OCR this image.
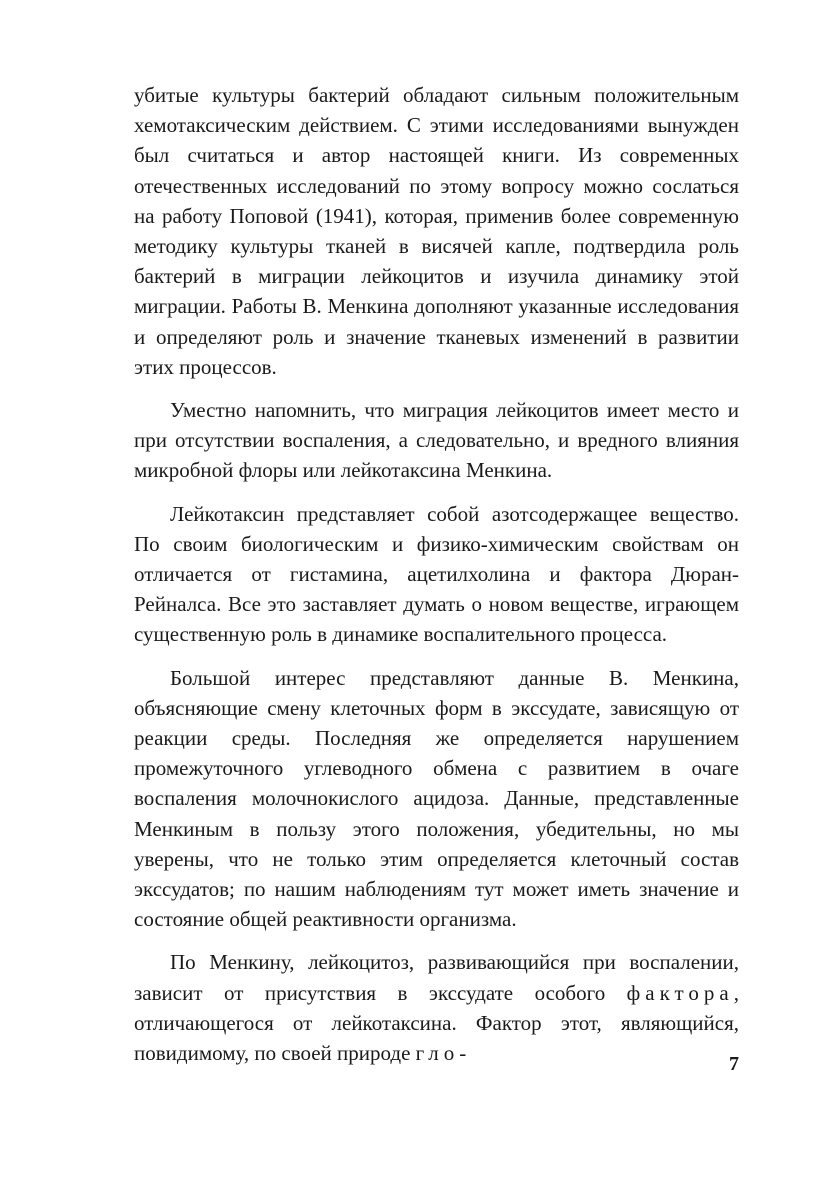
убитые культуры бактерий обладают сильным положительным хемотаксическим действием. С этими исследованиями вынужден был считаться и автор настоящей книги. Из современных отечественных исследований по этому вопросу можно сослаться на работу Поповой (1941), которая, применив более современную методику культуры тканей в висячей капле, подтвердила роль бактерий в миграции лейкоцитов и изучила динамику этой миграции. Работы В. Менкина дополняют указанные исследования и определяют роль и значение тканевых изменений в развитии этих процессов.

Уместно напомнить, что миграция лейкоцитов имеет место и при отсутствии воспаления, а следовательно, и вредного влияния микробной флоры или лейкотаксина Менкина.

Лейкотаксин представляет собой азотсодержащее вещество. По своим биологическим и физико-химическим свойствам он отличается от гистамина, ацетилхолина и фактора Дюран-Рейналса. Все это заставляет думать о новом веществе, играющем существенную роль в динамике воспалительного процесса.

Большой интерес представляют данные В. Менкина, объясняющие смену клеточных форм в экссудате, зависящую от реакции среды. Последняя же определяется нарушением промежуточного углеводного обмена с развитием в очаге воспаления молочнокислого ацидоза. Данные, представленные Менкиным в пользу этого положения, убедительны, но мы уверены, что не только этим определяется клеточный состав экссудатов; по нашим наблюдениям тут может иметь значение и состояние общей реактивности организма.

По Менкину, лейкоцитоз, развивающийся при воспалении, зависит от присутствия в экссудате особого фактора, отличающегося от лейкотаксина. Фактор этот, являющийся, повидимому, по своей природе гло-	7
